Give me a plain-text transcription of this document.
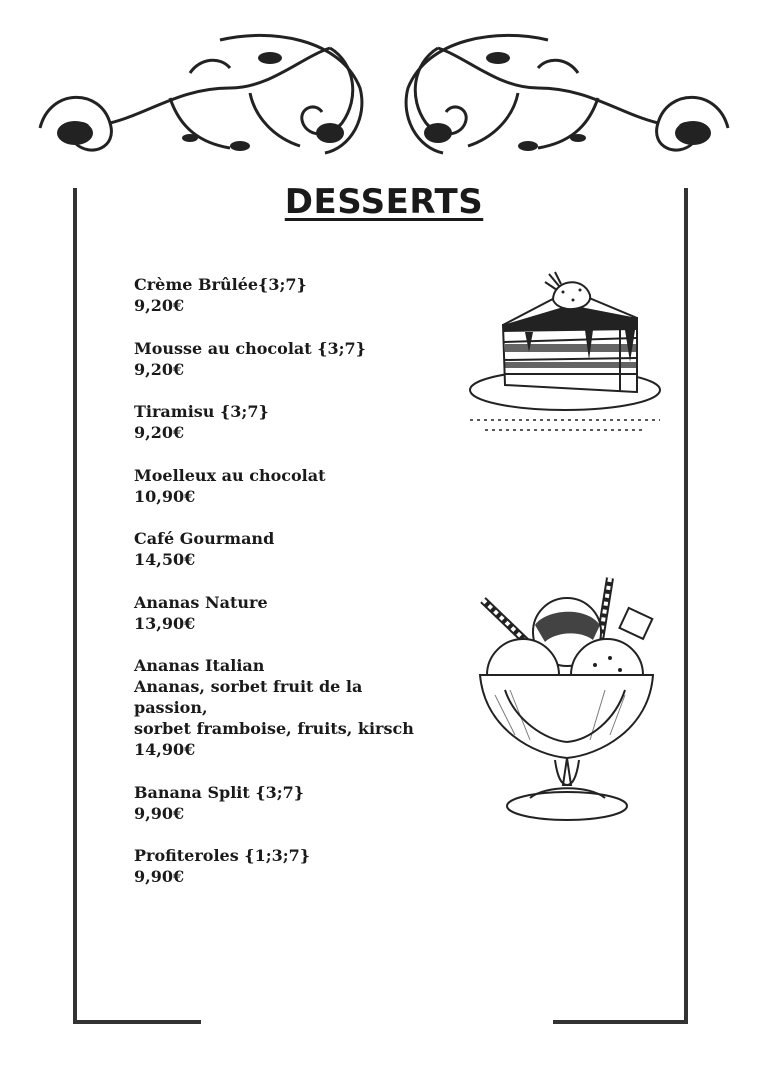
DESSERTS
Crème Brûlée{3;7}
9,20€
Mousse au chocolat {3;7}
9,20€
Tiramisu {3;7}
9,20€
Moelleux au chocolat
10,90€
Café Gourmand
14,50€
Ananas Nature
13,90€
Ananas Italian
Ananas, sorbet fruit de la
passion,
sorbet framboise, fruits, kirsch
14,90€
Banana Split {3;7}
9,90€
Profiteroles {1;3;7}
9,90€
